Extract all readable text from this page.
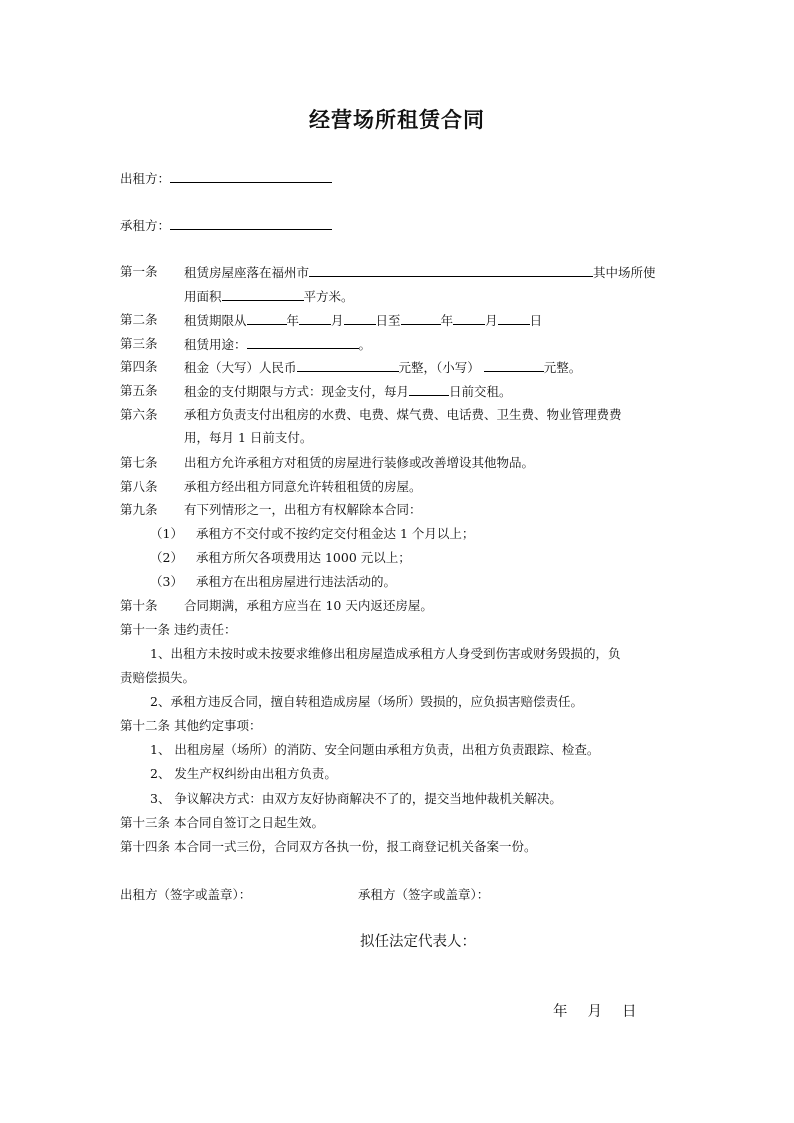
经营场所租赁合同
出租方：
承租方：
第一条 租赁房屋座落在福州市	其中场所使
用面积	平方米。
第二条 租赁期限从	年	月	日至	年	月	日
第三条 租赁用途：	。
第四条 租金（大写）人民币	元整，（小写）	元整。
第五条 租金的支付期限与方式：现金支付，每月	日前交租。
第六条 承租方负责支付出租房的水费、电费、煤气费、电话费、卫生费、物业管理费费
用，每月 1 日前支付。
第七条 出租方允许承租方对租赁的房屋进行装修或改善增设其他物品。
第八条 承租方经出租方同意允许转租租赁的房屋。
第九条 有下列情形之一，出租方有权解除本合同：
（1） 承租方不交付或不按约定交付租金达 1 个月以上；
（2） 承租方所欠各项费用达 1000 元以上；
（3） 承租方在出租房屋进行违法活动的。
第十条 合同期满，承租方应当在 10 天内返还房屋。
第十一条 违约责任：
1、出租方未按时或未按要求维修出租房屋造成承租方人身受到伤害或财务毁损的，负
责赔偿损失。
2、承租方违反合同，擅自转租造成房屋（场所）毁损的，应负损害赔偿责任。
第十二条 其他约定事项：
1、 出租房屋（场所）的消防、安全问题由承租方负责，出租方负责跟踪、检查。
2、 发生产权纠纷由出租方负责。
3、 争议解决方式：由双方友好协商解决不了的，提交当地仲裁机关解决。
第十三条 本合同自签订之日起生效。
第十四条 本合同一式三份，合同双方各执一份，报工商登记机关备案一份。
出租方（签字或盖章）：	承租方（签字或盖章）：
拟任法定代表人：
年 月 日
